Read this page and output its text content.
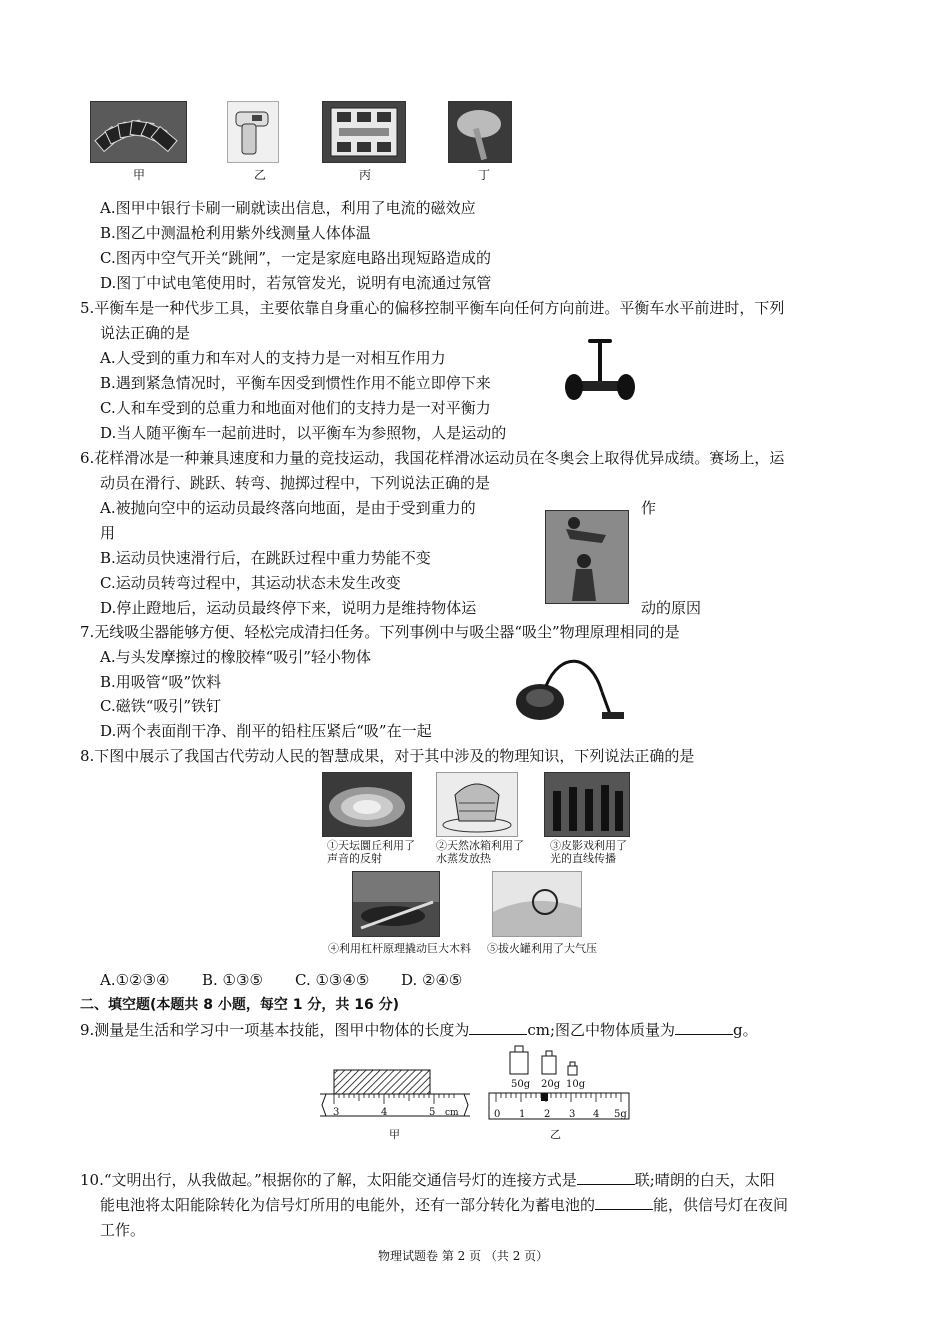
甲	乙	丙	丁
A.图甲中银行卡刷一刷就读出信息，利用了电流的磁效应
B.图乙中测温枪利用紫外线测量人体体温
C.图丙中空气开关“跳闸”，一定是家庭电路出现短路造成的
D.图丁中试电笔使用时，若氖管发光，说明有电流通过氖管
5.平衡车是一种代步工具，主要依靠自身重心的偏移控制平衡车向任何方向前进。平衡车水平前进时，下列
说法正确的是
A.人受到的重力和车对人的支持力是一对相互作用力
B.遇到紧急情况时，平衡车因受到惯性作用不能立即停下来
C.人和车受到的总重力和地面对他们的支持力是一对平衡力
D.当人随平衡车一起前进时，以平衡车为参照物，人是运动的
6.花样滑冰是一种兼具速度和力量的竞技运动，我国花样滑冰运动员在冬奥会上取得优异成绩。赛场上，运
动员在滑行、跳跃、转弯、抛掷过程中，下列说法正确的是
A.被抛向空中的运动员最终落向地面，是由于受到重力的	作
用
B.运动员快速滑行后，在跳跃过程中重力势能不变
C.运动员转弯过程中，其运动状态未发生改变
D.停止蹬地后，运动员最终停下来，说明力是维持物体运	动的原因
7.无线吸尘器能够方便、轻松完成清扫任务。下列事例中与吸尘器“吸尘”物理原理相同的是
A.与头发摩擦过的橡胶棒“吸引”轻小物体
B.用吸管“吸”饮料
C.磁铁“吸引”铁钉
D.两个表面削干净、削平的铅柱压紧后“吸”在一起
8.下图中展示了我国古代劳动人民的智慧成果，对于其中涉及的物理知识，下列说法正确的是
①天坛圜丘利用了
声音的反射
②天然冰箱利用了
水蒸发放热
③皮影戏利用了
光的直线传播
④利用杠杆原理撬动巨大木料 ⑤拔火罐利用了大气压
A.①②③④ B. ①③⑤ C. ①③④⑤ D. ②④⑤
二、填空题(本题共 8 小题，每空 1 分，共 16 分)
9.测量是生活和学习中一项基本技能，图甲中物体的长度为	cm;图乙中物体质量为	g。
3	4	5 cm
甲
50g 20g 10g
0 1 2 3 4 5g
乙
10.“文明出行，从我做起。”根据你的了解，太阳能交通信号灯的连接方式是	联;晴朗的白天，太阳
能电池将太阳能除转化为信号灯所用的电能外，还有一部分转化为蓄电池的	能，供信号灯在夜间
工作。
物理试题卷 第 2 页 （共 2 页）
